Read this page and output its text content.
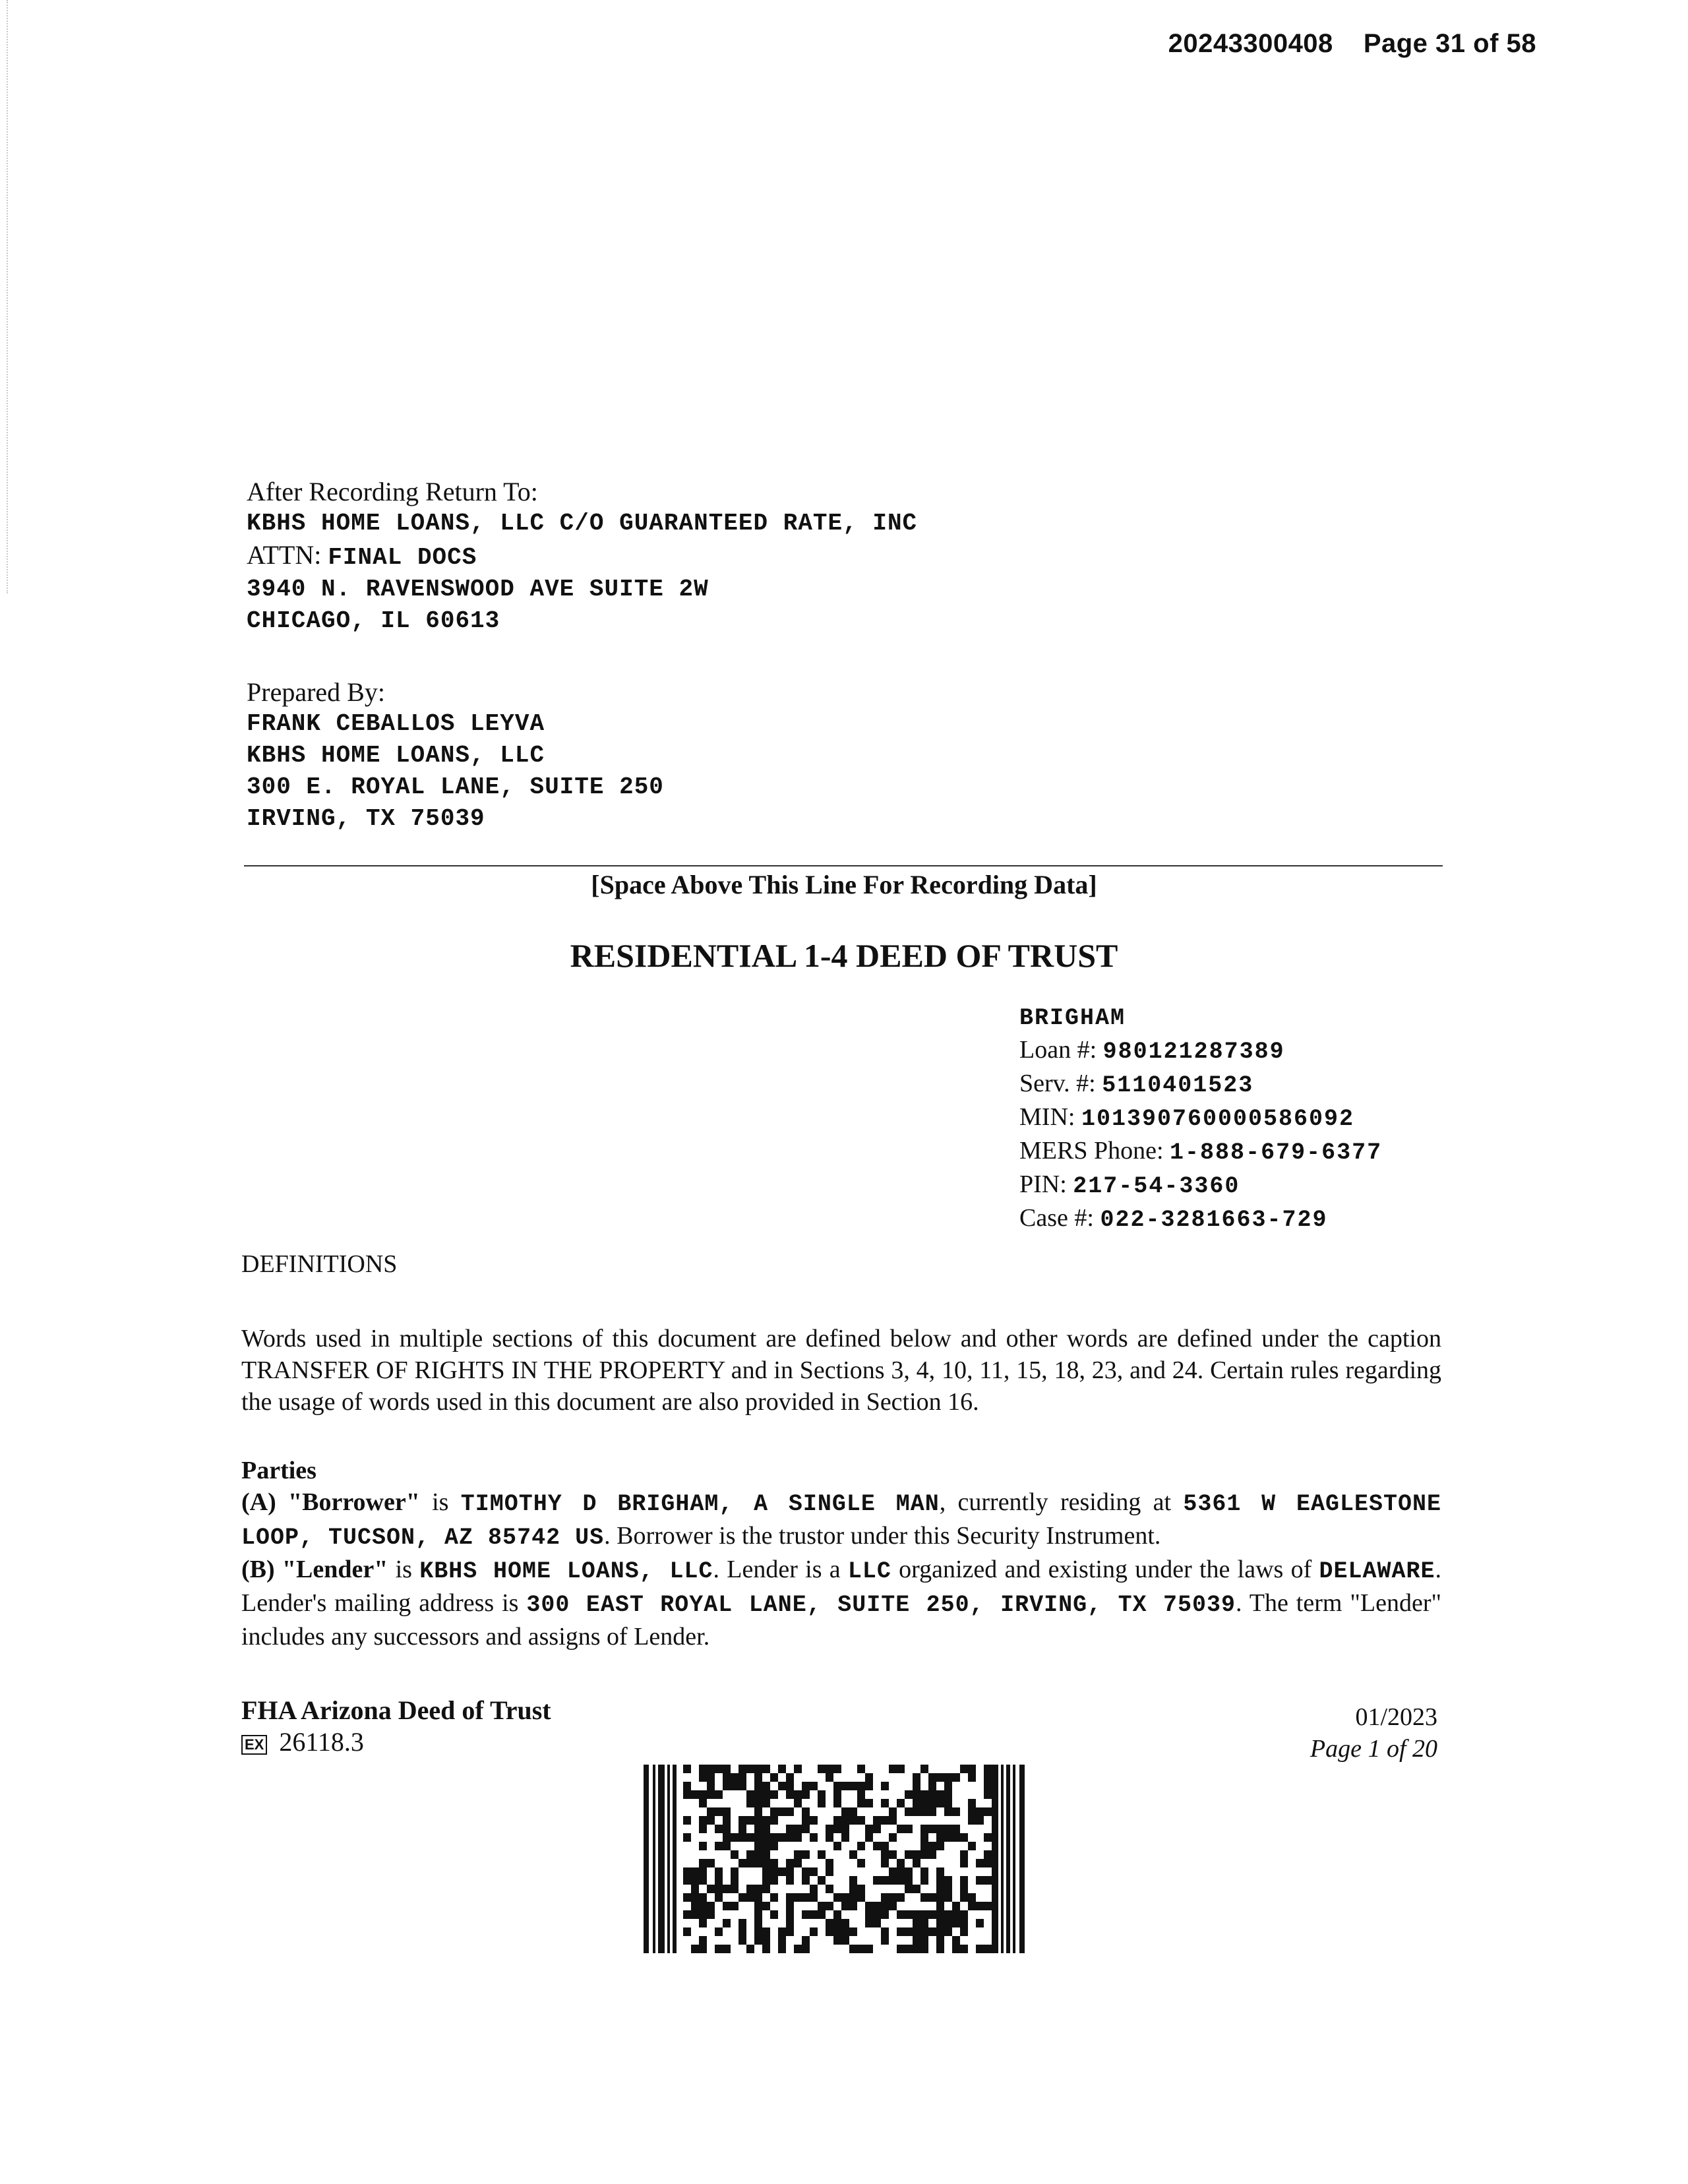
20243300408 Page 31 of 58
After Recording Return To:
KBHS HOME LOANS, LLC C/O GUARANTEED RATE, INC
ATTN: FINAL DOCS
3940 N. RAVENSWOOD AVE SUITE 2W
CHICAGO, IL 60613
Prepared By:
FRANK CEBALLOS LEYVA
KBHS HOME LOANS, LLC
300 E. ROYAL LANE, SUITE 250
IRVING, TX 75039
[Space Above This Line For Recording Data]
RESIDENTIAL 1-4 DEED OF TRUST
BRIGHAM
Loan #: 980121287389
Serv. #: 5110401523
MIN: 101390760000586092
MERS Phone: 1-888-679-6377
PIN: 217-54-3360
Case #: 022-3281663-729
DEFINITIONS
Words used in multiple sections of this document are defined below and other words are defined under the caption TRANSFER OF RIGHTS IN THE PROPERTY and in Sections 3, 4, 10, 11, 15, 18, 23, and 24. Certain rules regarding the usage of words used in this document are also provided in Section 16.
Parties
(A) "Borrower" is TIMOTHY D BRIGHAM, A SINGLE MAN, currently residing at 5361 W EAGLESTONE LOOP, TUCSON, AZ 85742 US. Borrower is the trustor under this Security Instrument.
(B) "Lender" is KBHS HOME LOANS, LLC. Lender is a LLC organized and existing under the laws of DELAWARE. Lender's mailing address is 300 EAST ROYAL LANE, SUITE 250, IRVING, TX 75039. The term "Lender" includes any successors and assigns of Lender.
FHA Arizona Deed of Trust
EX 26118.3
01/2023
Page 1 of 20
